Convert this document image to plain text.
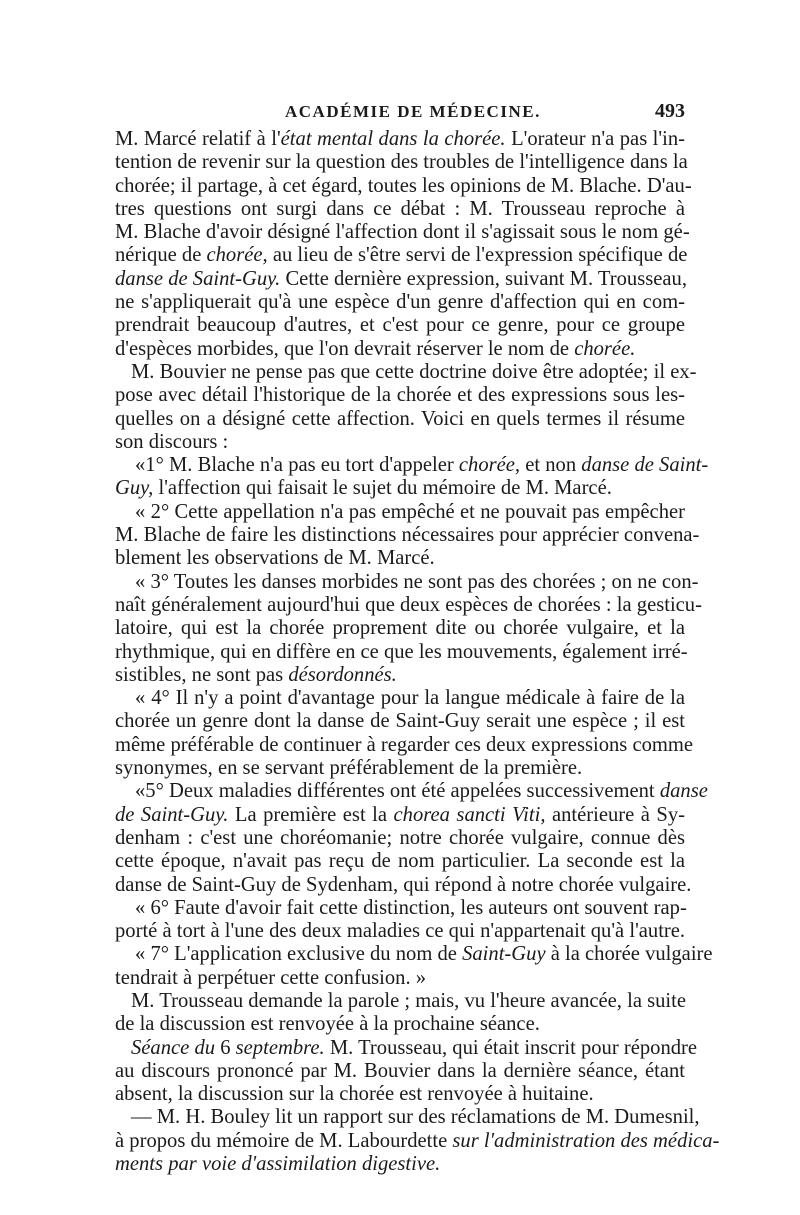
ACADÉMIE DE MÉDECINE.	493
M. Marcé relatif à l'état mental dans la chorée. L'orateur n'a pas l'in-
tention de revenir sur la question des troubles de l'intelligence dans la
chorée; il partage, à cet égard, toutes les opinions de M. Blache. D'au-
tres questions ont surgi dans ce débat : M. Trousseau reproche à
M. Blache d'avoir désigné l'affection dont il s'agissait sous le nom gé-
nérique de chorée, au lieu de s'être servi de l'expression spécifique de
danse de Saint-Guy. Cette dernière expression, suivant M. Trousseau,
ne s'appliquerait qu'à une espèce d'un genre d'affection qui en com-
prendrait beaucoup d'autres, et c'est pour ce genre, pour ce groupe
d'espèces morbides, que l'on devrait réserver le nom de chorée.
M. Bouvier ne pense pas que cette doctrine doive être adoptée; il ex-
pose avec détail l'historique de la chorée et des expressions sous les-
quelles on a désigné cette affection. Voici en quels termes il résume
son discours :
«1° M. Blache n'a pas eu tort d'appeler chorée, et non danse de Saint-
Guy, l'affection qui faisait le sujet du mémoire de M. Marcé.
« 2° Cette appellation n'a pas empêché et ne pouvait pas empêcher
M. Blache de faire les distinctions nécessaires pour apprécier convena-
blement les observations de M. Marcé.
« 3° Toutes les danses morbides ne sont pas des chorées ; on ne con-
naît généralement aujourd'hui que deux espèces de chorées : la gesticu-
latoire, qui est la chorée proprement dite ou chorée vulgaire, et la
rhythmique, qui en diffère en ce que les mouvements, également irré-
sistibles, ne sont pas désordonnés.
« 4° Il n'y a point d'avantage pour la langue médicale à faire de la
chorée un genre dont la danse de Saint-Guy serait une espèce ; il est
même préférable de continuer à regarder ces deux expressions comme
synonymes, en se servant préférablement de la première.
«5° Deux maladies différentes ont été appelées successivement danse
de Saint-Guy. La première est la chorea sancti Viti, antérieure à Sy-
denham : c'est une choréomanie; notre chorée vulgaire, connue dès
cette époque, n'avait pas reçu de nom particulier. La seconde est la
danse de Saint-Guy de Sydenham, qui répond à notre chorée vulgaire.
« 6° Faute d'avoir fait cette distinction, les auteurs ont souvent rap-
porté à tort à l'une des deux maladies ce qui n'appartenait qu'à l'autre.
« 7° L'application exclusive du nom de Saint-Guy à la chorée vulgaire
tendrait à perpétuer cette confusion. »
M. Trousseau demande la parole ; mais, vu l'heure avancée, la suite
de la discussion est renvoyée à la prochaine séance.
Séance du 6 septembre. M. Trousseau, qui était inscrit pour répondre
au discours prononcé par M. Bouvier dans la dernière séance, étant
absent, la discussion sur la chorée est renvoyée à huitaine.
— M. H. Bouley lit un rapport sur des réclamations de M. Dumesnil,
à propos du mémoire de M. Labourdette sur l'administration des médica-
ments par voie d'assimilation digestive.
